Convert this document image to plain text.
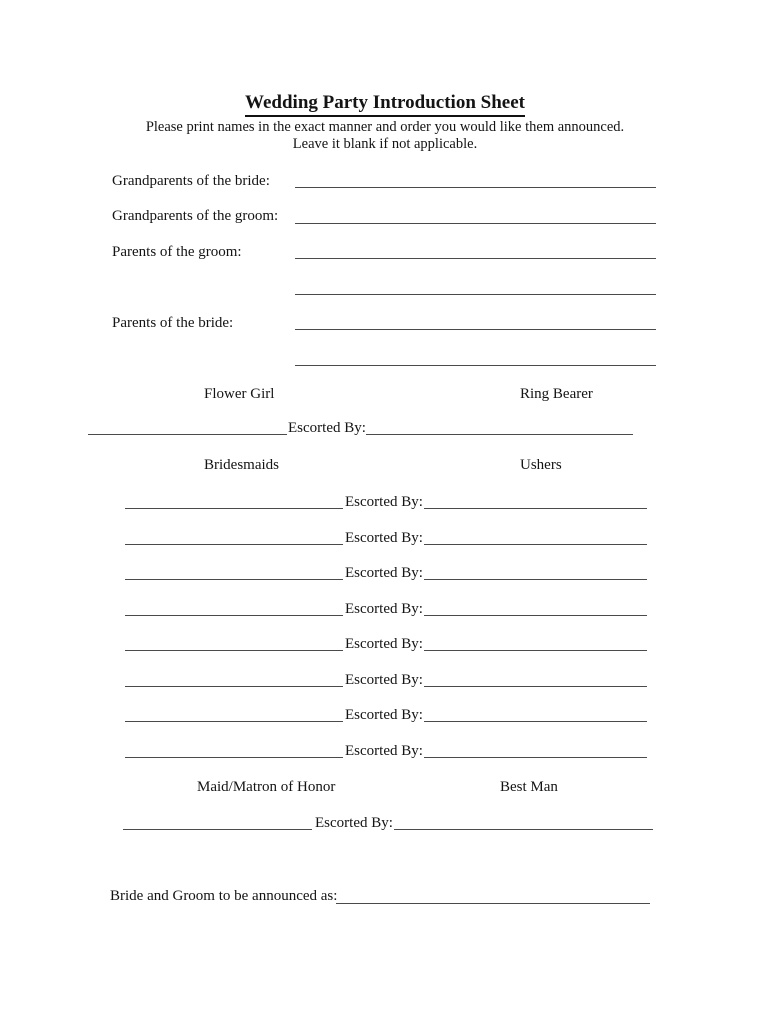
Wedding Party Introduction Sheet
Please print names in the exact manner and order you would like them announced.
Leave it blank if not applicable.
Grandparents of the bride:
Grandparents of the groom:
Parents of the groom:
Parents of the bride:
Flower Girl	Ring Bearer
Escorted By:
Bridesmaids	Ushers
Escorted By:
Escorted By:
Escorted By:
Escorted By:
Escorted By:
Escorted By:
Escorted By:
Escorted By:
Maid/Matron of Honor	Best Man
Escorted By:
Bride and Groom to be announced as:
